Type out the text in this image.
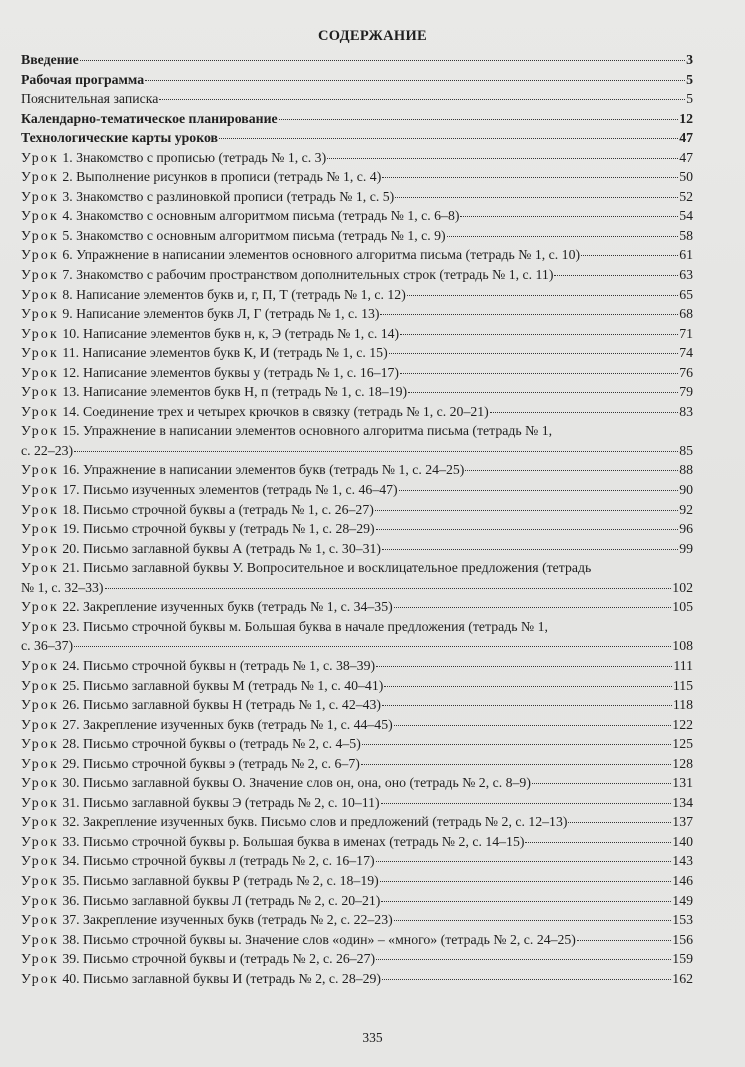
СОДЕРЖАНИЕ
Введение	3
Рабочая программа	5
Пояснительная записка	5
Календарно-тематическое планирование	12
Технологические карты уроков	47
Урок 1. Знакомство с прописью (тетрадь № 1, с. 3)	47
Урок 2. Выполнение рисунков в прописи (тетрадь № 1, с. 4)	50
Урок 3. Знакомство с разлиновкой прописи (тетрадь № 1, с. 5)	52
Урок 4. Знакомство с основным алгоритмом письма (тетрадь № 1, с. 6–8)	54
Урок 5. Знакомство с основным алгоритмом письма (тетрадь № 1, с. 9)	58
Урок 6. Упражнение в написании элементов основного алгоритма письма (тетрадь № 1, с. 10)	61
Урок 7. Знакомство с рабочим пространством дополнительных строк (тетрадь № 1, с. 11)	63
Урок 8. Написание элементов букв и, г, П, Т (тетрадь № 1, с. 12)	65
Урок 9. Написание элементов букв Л, Г (тетрадь № 1, с. 13)	68
Урок 10. Написание элементов букв н, к, Э (тетрадь № 1, с. 14)	71
Урок 11. Написание элементов букв К, И (тетрадь № 1, с. 15)	74
Урок 12. Написание элементов буквы у (тетрадь № 1, с. 16–17)	76
Урок 13. Написание элементов букв Н, п (тетрадь № 1, с. 18–19)	79
Урок 14. Соединение трех и четырех крючков в связку (тетрадь № 1, с. 20–21)	83
Урок 15. Упражнение в написании элементов основного алгоритма письма (тетрадь № 1,
с. 22–23)	85
Урок 16. Упражнение в написании элементов букв (тетрадь № 1, с. 24–25)	88
Урок 17. Письмо изученных элементов (тетрадь № 1, с. 46–47)	90
Урок 18. Письмо строчной буквы а (тетрадь № 1, с. 26–27)	92
Урок 19. Письмо строчной буквы у (тетрадь № 1, с. 28–29)	96
Урок 20. Письмо заглавной буквы А (тетрадь № 1, с. 30–31)	99
Урок 21. Письмо заглавной буквы У. Вопросительное и восклицательное предложения (тетрадь
№ 1, с. 32–33)	102
Урок 22. Закрепление изученных букв (тетрадь № 1, с. 34–35)	105
Урок 23. Письмо строчной буквы м. Большая буква в начале предложения (тетрадь № 1,
с. 36–37)	108
Урок 24. Письмо строчной буквы н (тетрадь № 1, с. 38–39)	111
Урок 25. Письмо заглавной буквы М (тетрадь № 1, с. 40–41)	115
Урок 26. Письмо заглавной буквы Н (тетрадь № 1, с. 42–43)	118
Урок 27. Закрепление изученных букв (тетрадь № 1, с. 44–45)	122
Урок 28. Письмо строчной буквы о (тетрадь № 2, с. 4–5)	125
Урок 29. Письмо строчной буквы э (тетрадь № 2, с. 6–7)	128
Урок 30. Письмо заглавной буквы О. Значение слов он, она, оно (тетрадь № 2, с. 8–9)	131
Урок 31. Письмо заглавной буквы Э (тетрадь № 2, с. 10–11)	134
Урок 32. Закрепление изученных букв. Письмо слов и предложений (тетрадь № 2, с. 12–13)	137
Урок 33. Письмо строчной буквы р. Большая буква в именах (тетрадь № 2, с. 14–15)	140
Урок 34. Письмо строчной буквы л (тетрадь № 2, с. 16–17)	143
Урок 35. Письмо заглавной буквы Р (тетрадь № 2, с. 18–19)	146
Урок 36. Письмо заглавной буквы Л (тетрадь № 2, с. 20–21)	149
Урок 37. Закрепление изученных букв (тетрадь № 2, с. 22–23)	153
Урок 38. Письмо строчной буквы ы. Значение слов «один» – «много» (тетрадь № 2, с. 24–25)	156
Урок 39. Письмо строчной буквы и (тетрадь № 2, с. 26–27)	159
Урок 40. Письмо заглавной буквы И (тетрадь № 2, с. 28–29)	162
335
